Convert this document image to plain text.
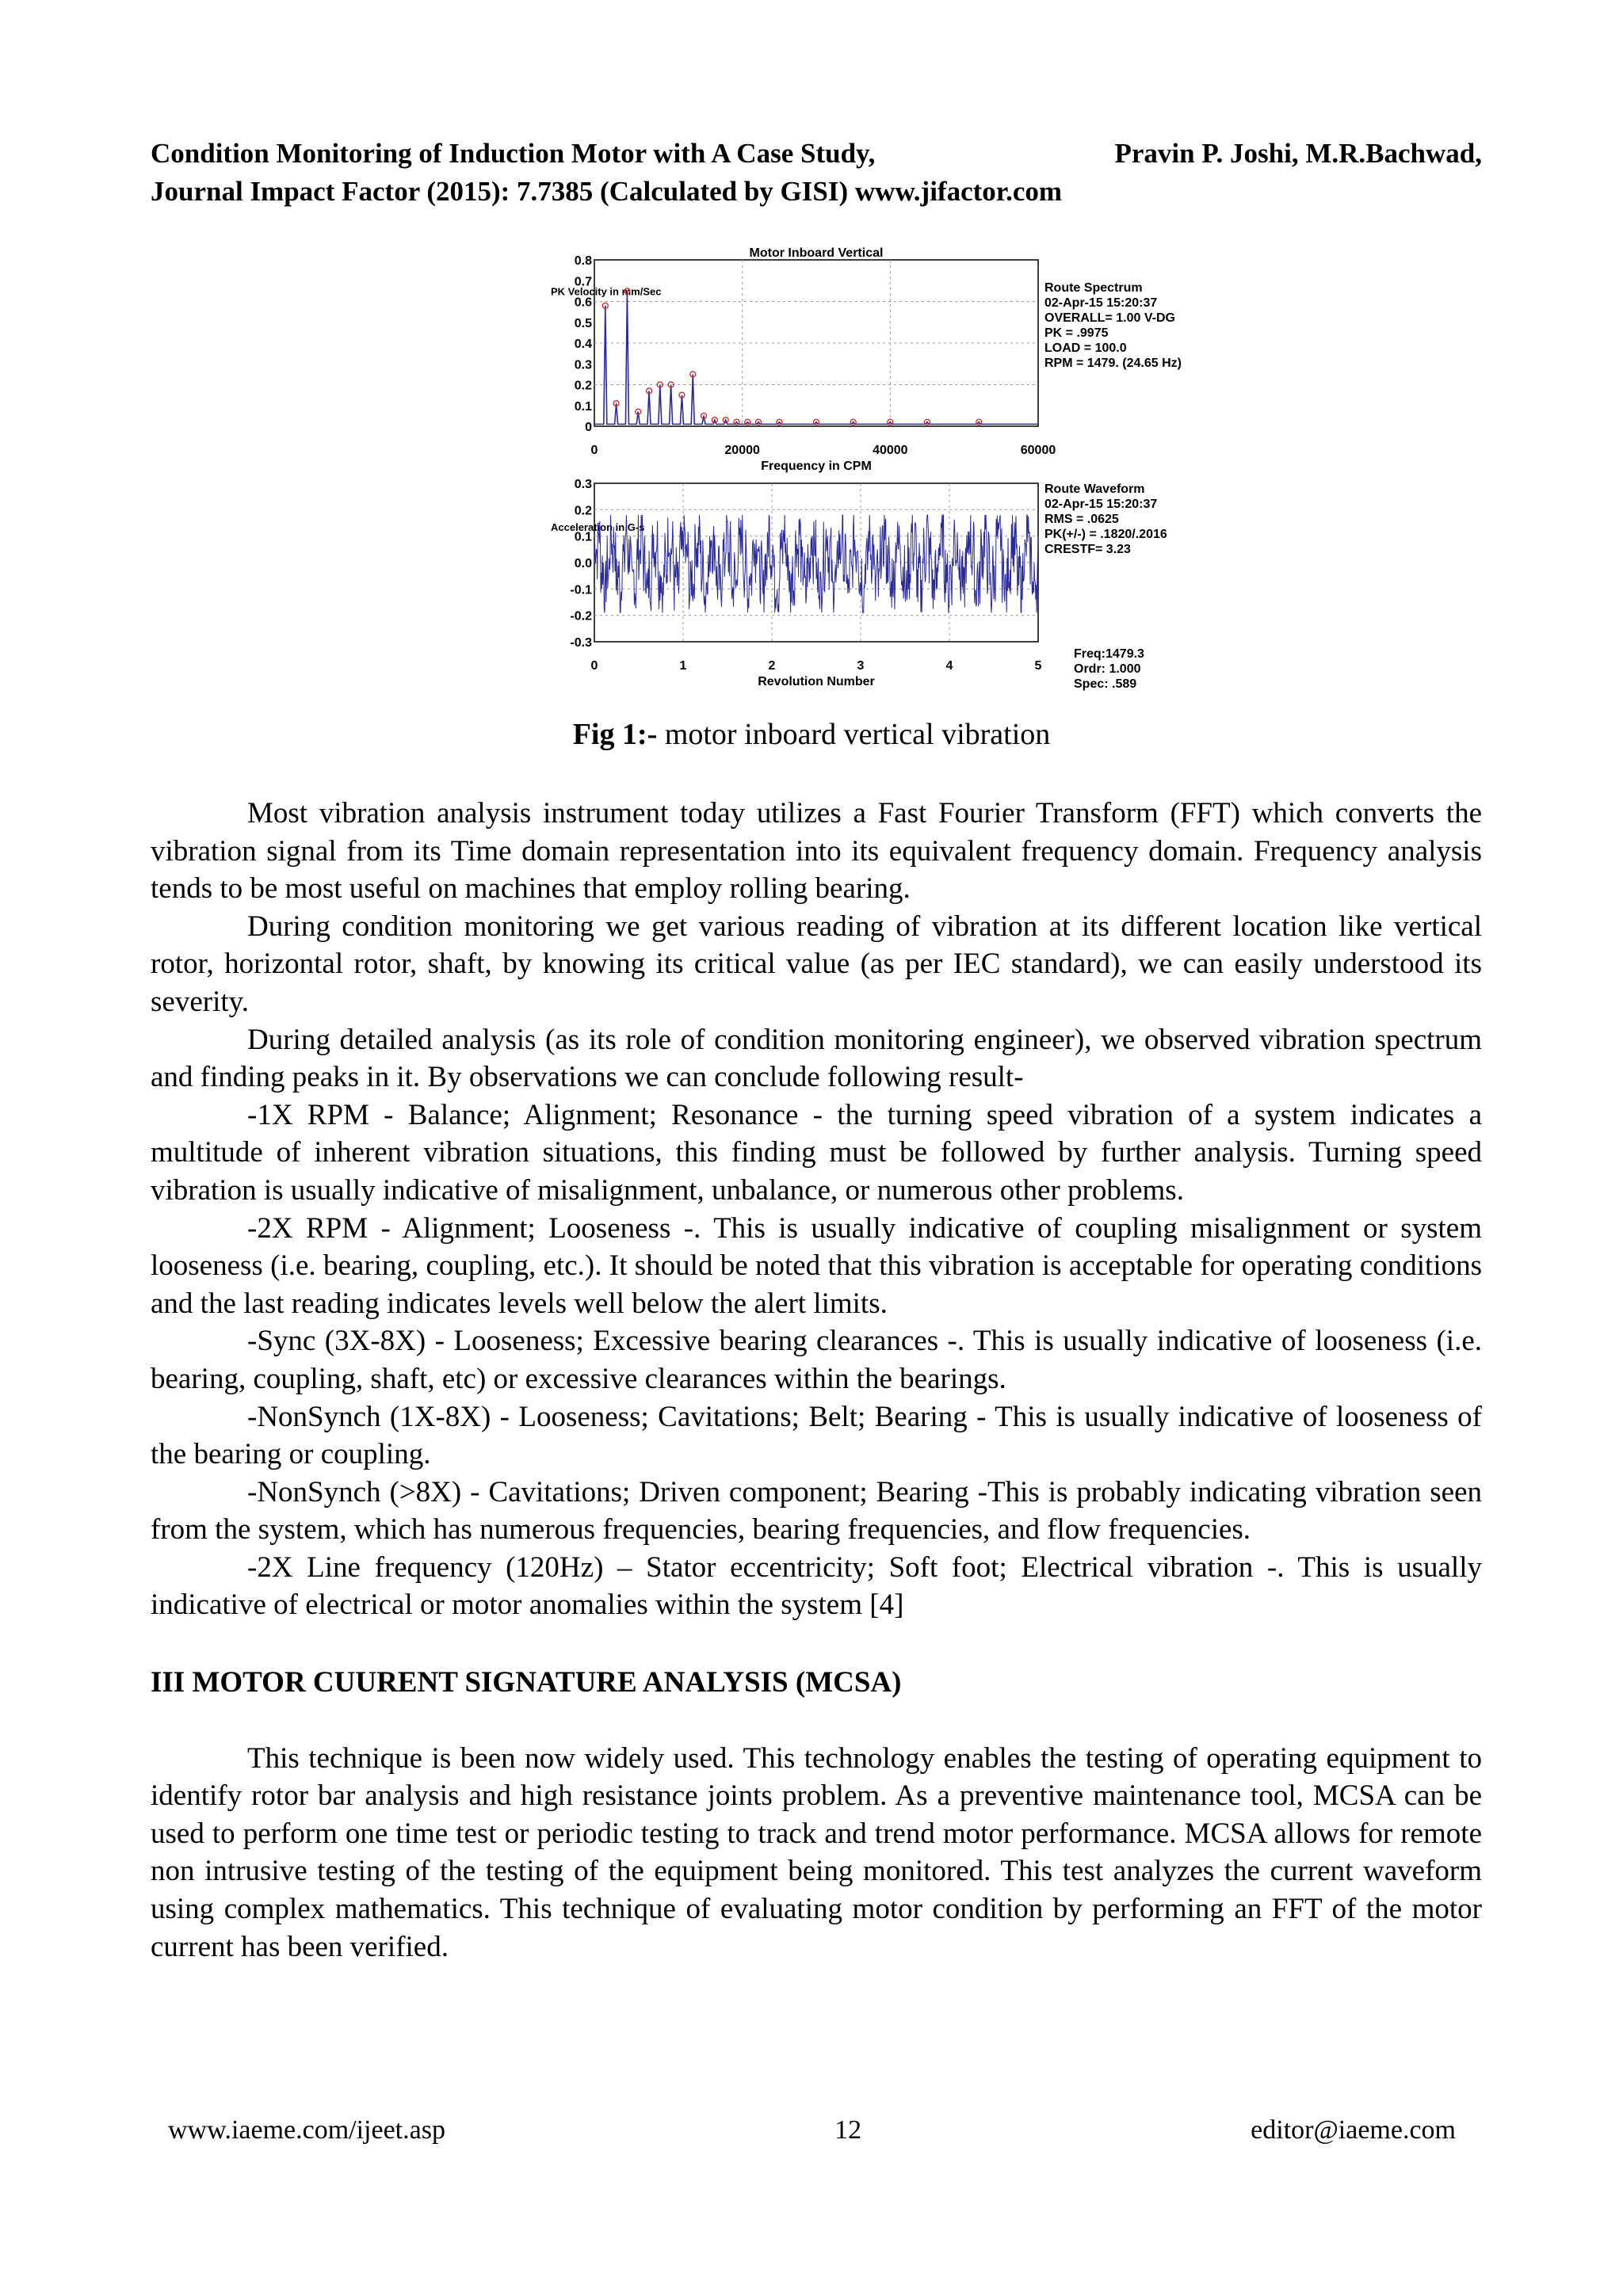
Condition Monitoring of Induction Motor with A Case Study,	Pravin P. Joshi, M.R.Bachwad,
Journal Impact Factor (2015): 7.7385 (Calculated by GISI) www.jifactor.com
0.8
0.7
0.6
0.5
0.4
0.3
0.2
0.1
0
0	20000	40000	60000
Motor Inboard Vertical
Frequency in CPM
PK Velocity in mm/Sec	Route Spectrum
02-Apr-15 15:20:37
OVERALL= 1.00 V-DG
PK = .9975
LOAD = 100.0
RPM = 1479. (24.65 Hz)
0.3
0.2
0.1
0.0
-0.1
-0.2
-0.3
0	1	2	3	4	5
Revolution Number
Acceleration in G-s
Route Waveform
02-Apr-15 15:20:37
RMS = .0625
PK(+/-) = .1820/.2016
CRESTF= 3.23
Freq:1479.3
Ordr: 1.000
Spec: .589
Fig 1:- motor inboard vertical vibration

Most vibration analysis instrument today utilizes a Fast Fourier Transform (FFT) which converts the vibration signal from its Time domain representation into its equivalent frequency domain. Frequency analysis tends to be most useful on machines that employ rolling bearing.

During condition monitoring we get various reading of vibration at its different location like vertical rotor, horizontal rotor, shaft, by knowing its critical value (as per IEC standard), we can easily understood its severity.

During detailed analysis (as its role of condition monitoring engineer), we observed vibration spectrum and finding peaks in it. By observations we can conclude following result-

-1X RPM - Balance; Alignment; Resonance - the turning speed vibration of a system indicates a multitude of inherent vibration situations, this finding must be followed by further analysis. Turning speed vibration is usually indicative of misalignment, unbalance, or numerous other problems.

-2X RPM - Alignment; Looseness -. This is usually indicative of coupling misalignment or system looseness (i.e. bearing, coupling, etc.). It should be noted that this vibration is acceptable for operating conditions and the last reading indicates levels well below the alert limits.

-Sync (3X-8X) - Looseness; Excessive bearing clearances -. This is usually indicative of looseness (i.e. bearing, coupling, shaft, etc) or excessive clearances within the bearings.

-NonSynch (1X-8X) - Looseness; Cavitations; Belt; Bearing - This is usually indicative of looseness of the bearing or coupling.

-NonSynch (>8X) - Cavitations; Driven component; Bearing -This is probably indicating vibration seen from the system, which has numerous frequencies, bearing frequencies, and flow frequencies.

-2X Line frequency (120Hz) – Stator eccentricity; Soft foot; Electrical vibration -. This is usually indicative of electrical or motor anomalies within the system [4]

III MOTOR CUURENT SIGNATURE ANALYSIS (MCSA)

This technique is been now widely used. This technology enables the testing of operating equipment to identify rotor bar analysis and high resistance joints problem. As a preventive maintenance tool, MCSA can be used to perform one time test or periodic testing to track and trend motor performance. MCSA allows for remote non intrusive testing of the testing of the equipment being monitored. This test analyzes the current waveform using complex mathematics. This technique of evaluating motor condition by performing an FFT of the motor current has been verified.

www.iaeme.com/ijeet.asp	12	editor@iaeme.com
